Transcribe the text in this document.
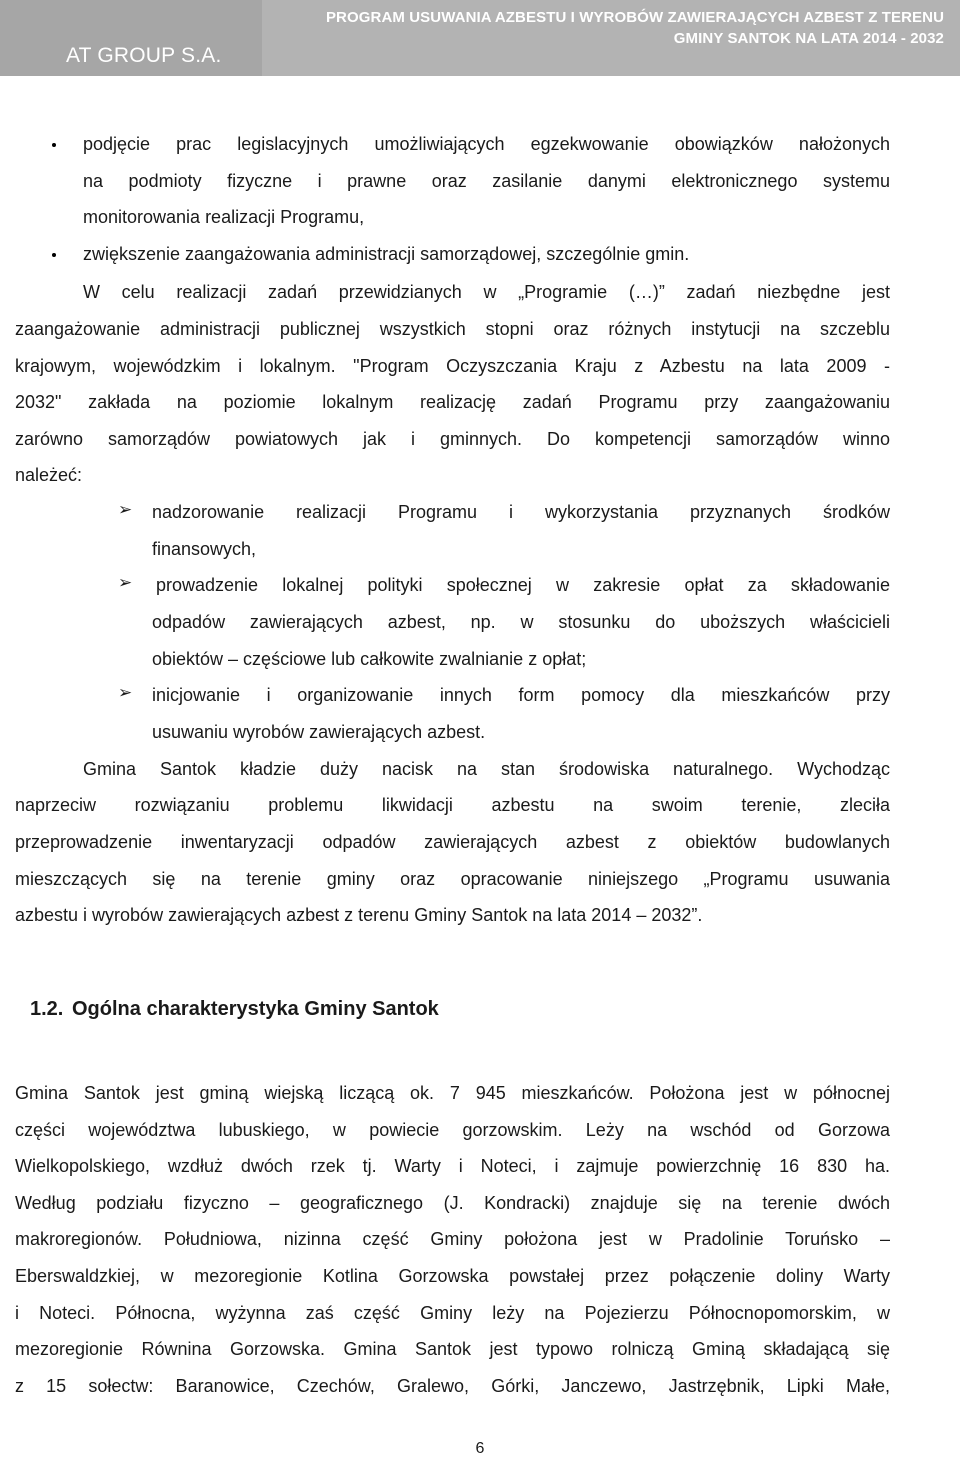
AT GROUP S.A.
PROGRAM USUWANIA AZBESTU I WYROBÓW ZAWIERAJĄCYCH AZBEST Z TERENU
GMINY SANTOK NA LATA 2014 - 2032
podjęcie prac legislacyjnych umożliwiających egzekwowanie obowiązków nałożonych
na podmioty fizyczne i prawne oraz zasilanie danymi elektronicznego systemu
monitorowania realizacji Programu,
zwiększenie zaangażowania administracji samorządowej, szczególnie gmin.
W celu realizacji zadań przewidzianych w „Programie (…)” zadań niezbędne jest
zaangażowanie administracji publicznej wszystkich stopni oraz różnych instytucji na szczeblu
krajowym, wojewódzkim i lokalnym. "Program Oczyszczania Kraju z Azbestu na lata 2009 -
2032" zakłada na poziomie lokalnym realizację zadań Programu przy zaangażowaniu
zarówno samorządów powiatowych jak i gminnych. Do kompetencji samorządów winno
należeć:
➢ nadzorowanie realizacji Programu i wykorzystania przyznanych środków
finansowych,
➢ prowadzenie lokalnej polityki społecznej w zakresie opłat za składowanie
odpadów zawierających azbest, np. w stosunku do uboższych właścicieli
obiektów – częściowe lub całkowite zwalnianie z opłat;
➢ inicjowanie i organizowanie innych form pomocy dla mieszkańców przy
usuwaniu wyrobów zawierających azbest.
Gmina Santok kładzie duży nacisk na stan środowiska naturalnego. Wychodząc
naprzeciw rozwiązaniu problemu likwidacji azbestu na swoim terenie, zleciła
przeprowadzenie inwentaryzacji odpadów zawierających azbest z obiektów budowlanych
mieszczących się na terenie gminy oraz opracowanie niniejszego „Programu usuwania
azbestu i wyrobów zawierających azbest z terenu Gminy Santok na lata 2014 – 2032”.
1.2. Ogólna charakterystyka Gminy Santok
Gmina Santok jest gminą wiejską liczącą ok. 7 945 mieszkańców. Położona jest w północnej
części województwa lubuskiego, w powiecie gorzowskim. Leży na wschód od Gorzowa
Wielkopolskiego, wzdłuż dwóch rzek tj. Warty i Noteci, i zajmuje powierzchnię 16 830 ha.
Według podziału fizyczno – geograficznego (J. Kondracki) znajduje się na terenie dwóch
makroregionów. Południowa, nizinna część Gminy położona jest w Pradolinie Toruńsko –
Eberswaldzkiej, w mezoregionie Kotlina Gorzowska powstałej przez połączenie doliny Warty
i Noteci. Północna, wyżynna zaś część Gminy leży na Pojezierzu Północnopomorskim, w
mezoregionie Równina Gorzowska. Gmina Santok jest typowo rolniczą Gminą składającą się
z 15 sołectw: Baranowice, Czechów, Gralewo, Górki, Janczewo, Jastrzębnik, Lipki Małe,
6
